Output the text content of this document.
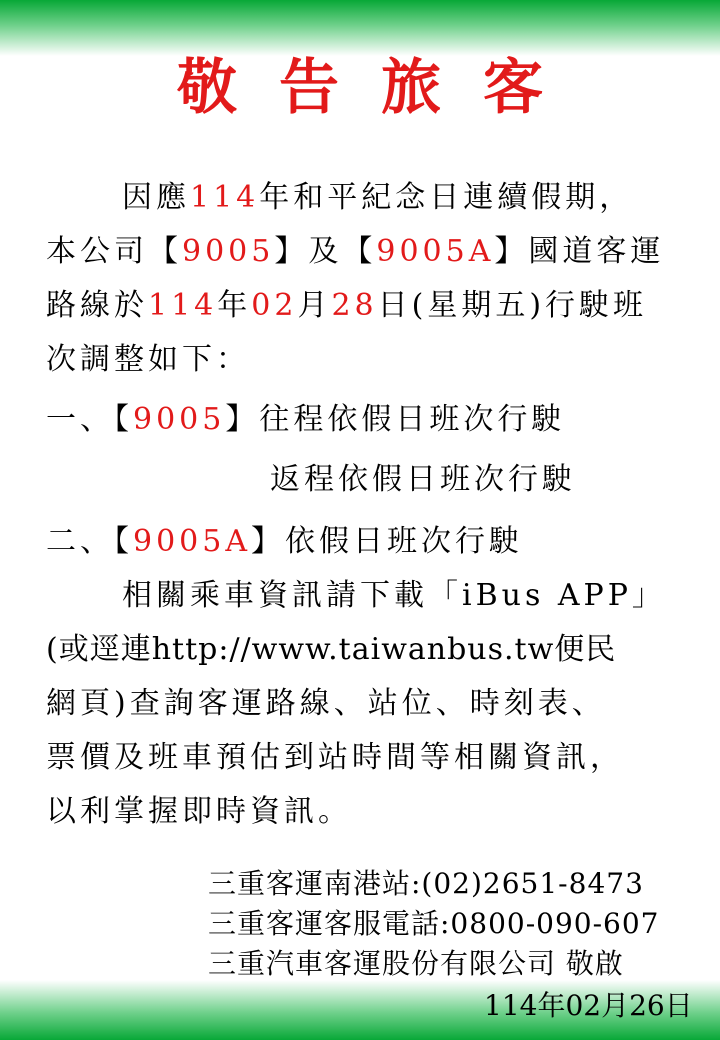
敬告旅客
因應114年和平紀念日連續假期，
本公司【9005】及【9005A】國道客運
路線於114年02月28日(星期五)行駛班
次調整如下：
一、【9005】往程依假日班次行駛
返程依假日班次行駛
二、【9005A】依假日班次行駛
相關乘車資訊請下載「iBus APP」
(或逕連http://www.taiwanbus.tw便民
網頁)查詢客運路線、站位、時刻表、
票價及班車預估到站時間等相關資訊，
以利掌握即時資訊。
三重客運南港站:(02)2651-8473
三重客運客服電話:0800-090-607
三重汽車客運股份有限公司 敬啟
114年02月26日
